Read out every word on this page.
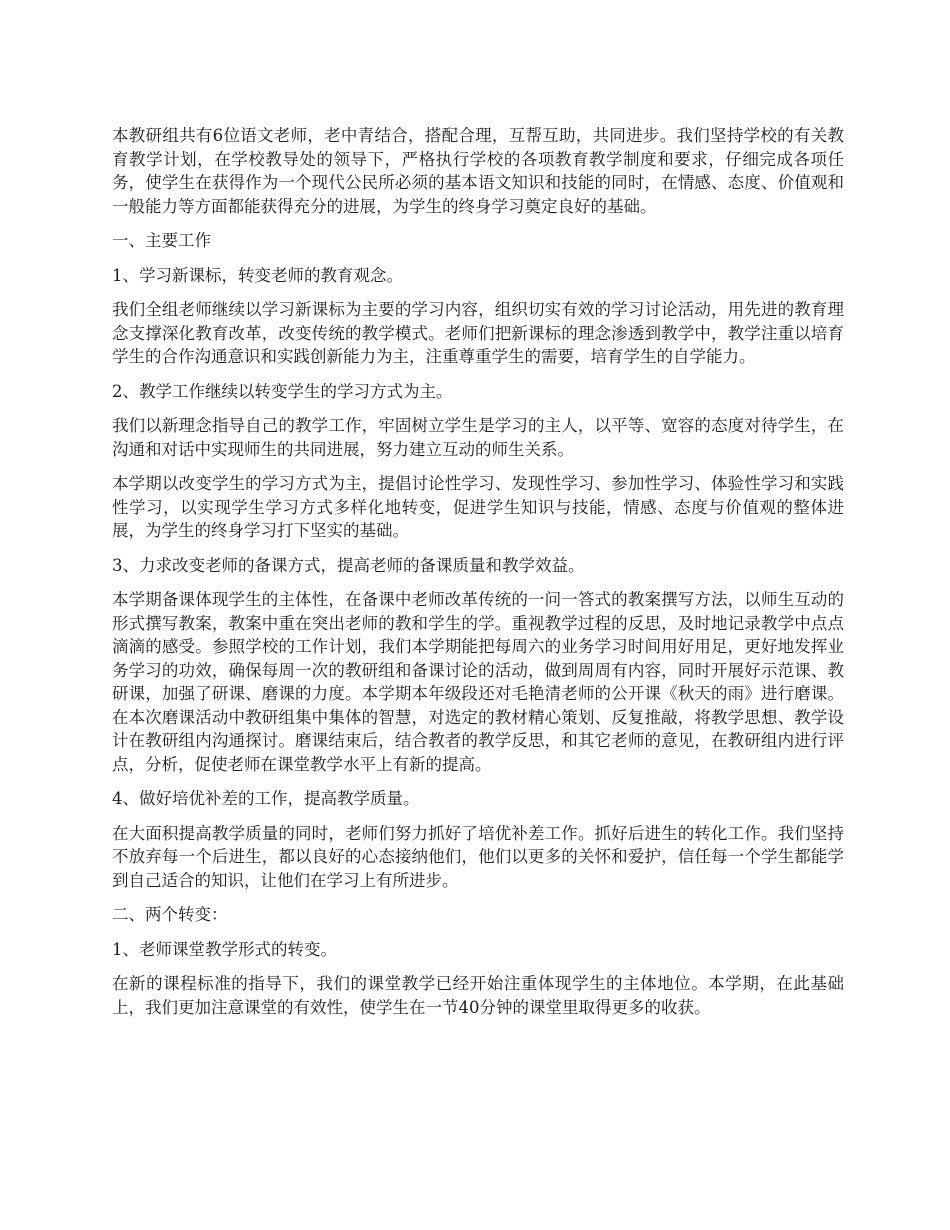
本教研组共有6位语文老师，老中青结合，搭配合理，互帮互助，共同进步。我们坚持学校的有关教育教学计划，在学校教导处的领导下，严格执行学校的各项教育教学制度和要求，仔细完成各项任务，使学生在获得作为一个现代公民所必须的基本语文知识和技能的同时，在情感、态度、价值观和一般能力等方面都能获得充分的进展，为学生的终身学习奠定良好的基础。

一、主要工作

1、学习新课标，转变老师的教育观念。

我们全组老师继续以学习新课标为主要的学习内容，组织切实有效的学习讨论活动，用先进的教育理念支撑深化教育改革，改变传统的教学模式。老师们把新课标的理念渗透到教学中，教学注重以培育学生的合作沟通意识和实践创新能力为主，注重尊重学生的需要，培育学生的自学能力。

2、教学工作继续以转变学生的学习方式为主。

我们以新理念指导自己的教学工作，牢固树立学生是学习的主人，以平等、宽容的态度对待学生，在沟通和对话中实现师生的共同进展，努力建立互动的师生关系。

本学期以改变学生的学习方式为主，提倡讨论性学习、发现性学习、参加性学习、体验性学习和实践性学习，以实现学生学习方式多样化地转变，促进学生知识与技能，情感、态度与价值观的整体进展，为学生的终身学习打下坚实的基础。

3、力求改变老师的备课方式，提高老师的备课质量和教学效益。

本学期备课体现学生的主体性，在备课中老师改革传统的一问一答式的教案撰写方法，以师生互动的形式撰写教案，教案中重在突出老师的教和学生的学。重视教学过程的反思，及时地记录教学中点点滴滴的感受。参照学校的工作计划，我们本学期能把每周六的业务学习时间用好用足，更好地发挥业务学习的功效，确保每周一次的教研组和备课讨论的活动，做到周周有内容，同时开展好示范课、教研课，加强了研课、磨课的力度。本学期本年级段还对毛艳清老师的公开课《秋天的雨》进行磨课。在本次磨课活动中教研组集中集体的智慧，对选定的教材精心策划、反复推敲，将教学思想、教学设计在教研组内沟通探讨。磨课结束后，结合教者的教学反思，和其它老师的意见，在教研组内进行评点，分析，促使老师在课堂教学水平上有新的提高。

4、做好培优补差的工作，提高教学质量。

在大面积提高教学质量的同时，老师们努力抓好了培优补差工作。抓好后进生的转化工作。我们坚持不放弃每一个后进生，都以良好的心态接纳他们，他们以更多的关怀和爱护，信任每一个学生都能学到自己适合的知识，让他们在学习上有所进步。

二、两个转变：

1、老师课堂教学形式的转变。

在新的课程标准的指导下，我们的课堂教学已经开始注重体现学生的主体地位。本学期，在此基础上，我们更加注意课堂的有效性，使学生在一节40分钟的课堂里取得更多的收获。
